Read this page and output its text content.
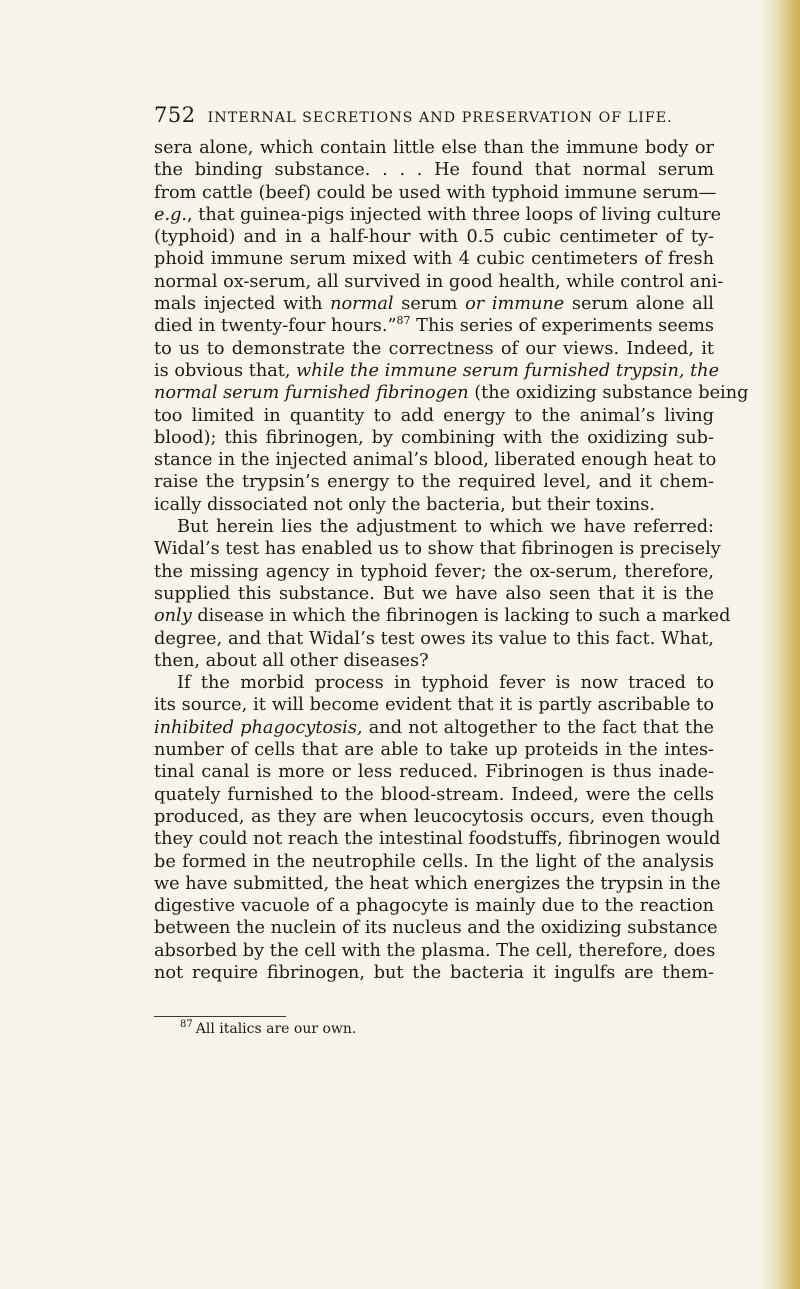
752 INTERNAL SECRETIONS AND PRESERVATION OF LIFE.
sera alone, which contain little else than the immune body or
the binding substance. . . . He found that normal serum
from cattle (beef) could be used with typhoid immune serum—
e.g., that guinea-pigs injected with three loops of living culture
(typhoid) and in a half-hour with 0.5 cubic centimeter of ty-
phoid immune serum mixed with 4 cubic centimeters of fresh
normal ox-serum, all survived in good health, while control ani-
mals injected with normal serum or immune serum alone all
died in twenty-four hours.”$^{87}$ This series of experiments seems
to us to demonstrate the correctness of our views. Indeed, it
is obvious that, while the immune serum furnished trypsin, the
normal serum furnished fibrinogen (the oxidizing substance being
too limited in quantity to add energy to the animal’s living
blood); this fibrinogen, by combining with the oxidizing sub-
stance in the injected animal’s blood, liberated enough heat to
raise the trypsin’s energy to the required level, and it chem-
ically dissociated not only the bacteria, but their toxins.
But herein lies the adjustment to which we have referred:
Widal’s test has enabled us to show that fibrinogen is precisely
the missing agency in typhoid fever; the ox-serum, therefore,
supplied this substance. But we have also seen that it is the
only disease in which the fibrinogen is lacking to such a marked
degree, and that Widal’s test owes its value to this fact. What,
then, about all other diseases?
If the morbid process in typhoid fever is now traced to
its source, it will become evident that it is partly ascribable to
inhibited phagocytosis, and not altogether to the fact that the
number of cells that are able to take up proteids in the intes-
tinal canal is more or less reduced. Fibrinogen is thus inade-
quately furnished to the blood-stream. Indeed, were the cells
produced, as they are when leucocytosis occurs, even though
they could not reach the intestinal foodstuffs, fibrinogen would
be formed in the neutrophile cells. In the light of the analysis
we have submitted, the heat which energizes the trypsin in the
digestive vacuole of a phagocyte is mainly due to the reaction
between the nuclein of its nucleus and the oxidizing substance
absorbed by the cell with the plasma. The cell, therefore, does
not require fibrinogen, but the bacteria it ingulfs are them-
$^{87}$ All italics are our own.
